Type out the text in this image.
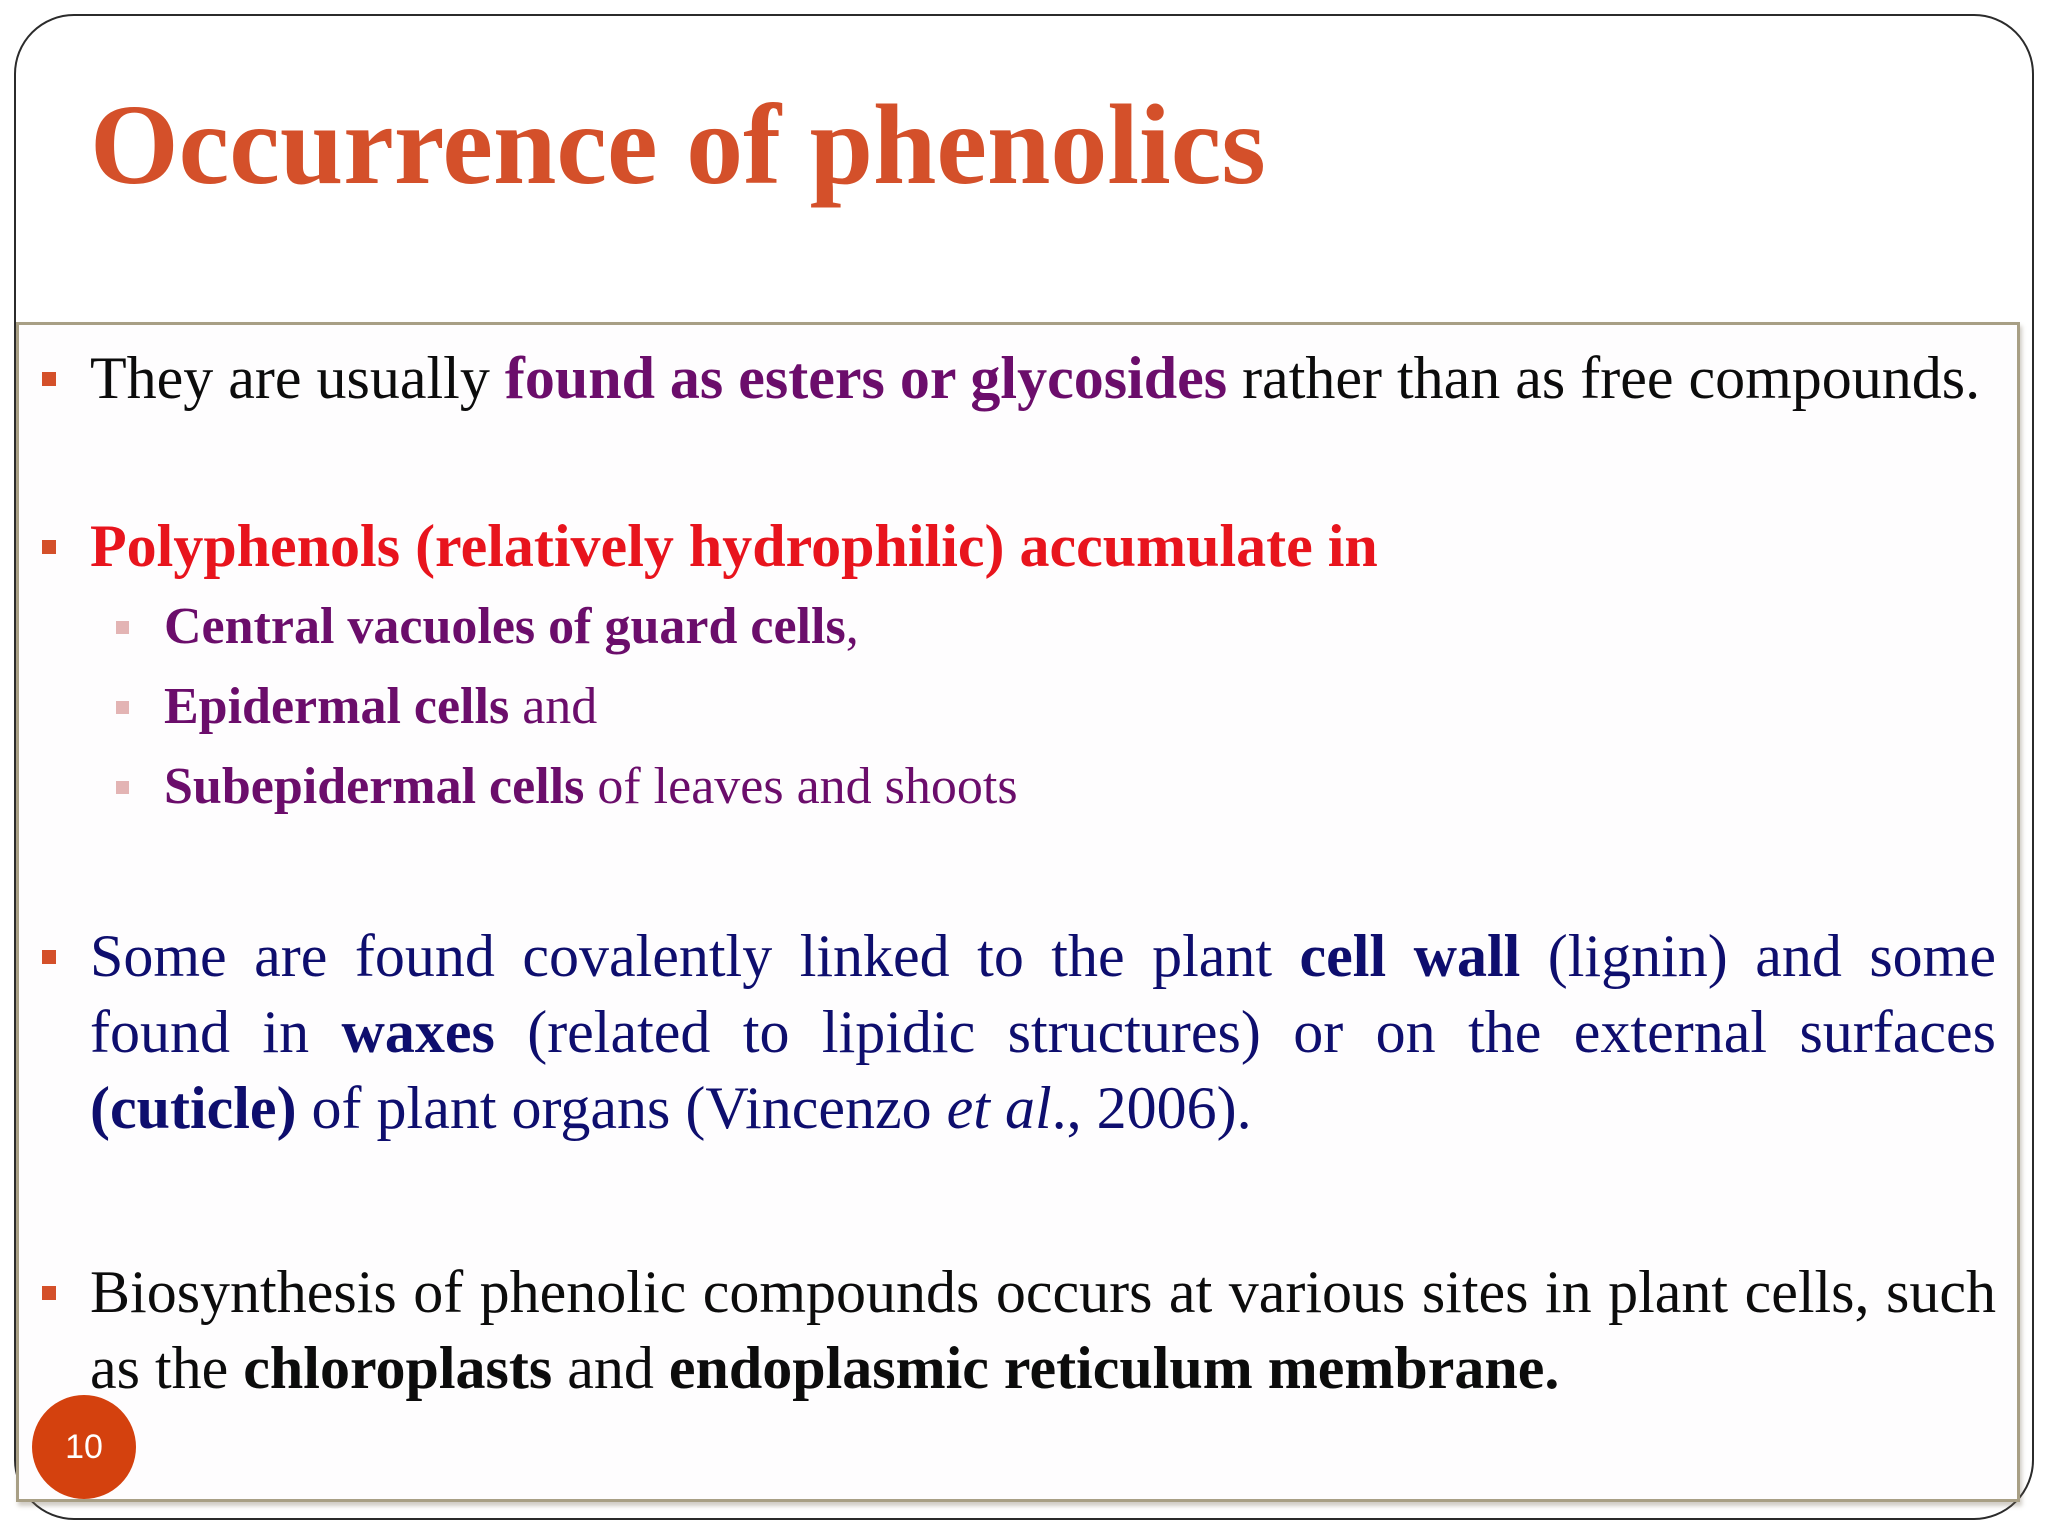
Occurrence of phenolics

They are usually found as esters or glycosides rather than as free compounds.

Polyphenols (relatively hydrophilic) accumulate in

Central vacuoles of guard cells,

Epidermal cells and

Subepidermal cells of leaves and shoots

Some are found covalently linked to the plant cell wall (lignin) and some found in waxes (related to lipidic structures) or on the external surfaces (cuticle) of plant organs (Vincenzo et al., 2006).

Biosynthesis of phenolic compounds occurs at various sites in plant cells, such as the chloroplasts and endoplasmic reticulum membrane.

10
